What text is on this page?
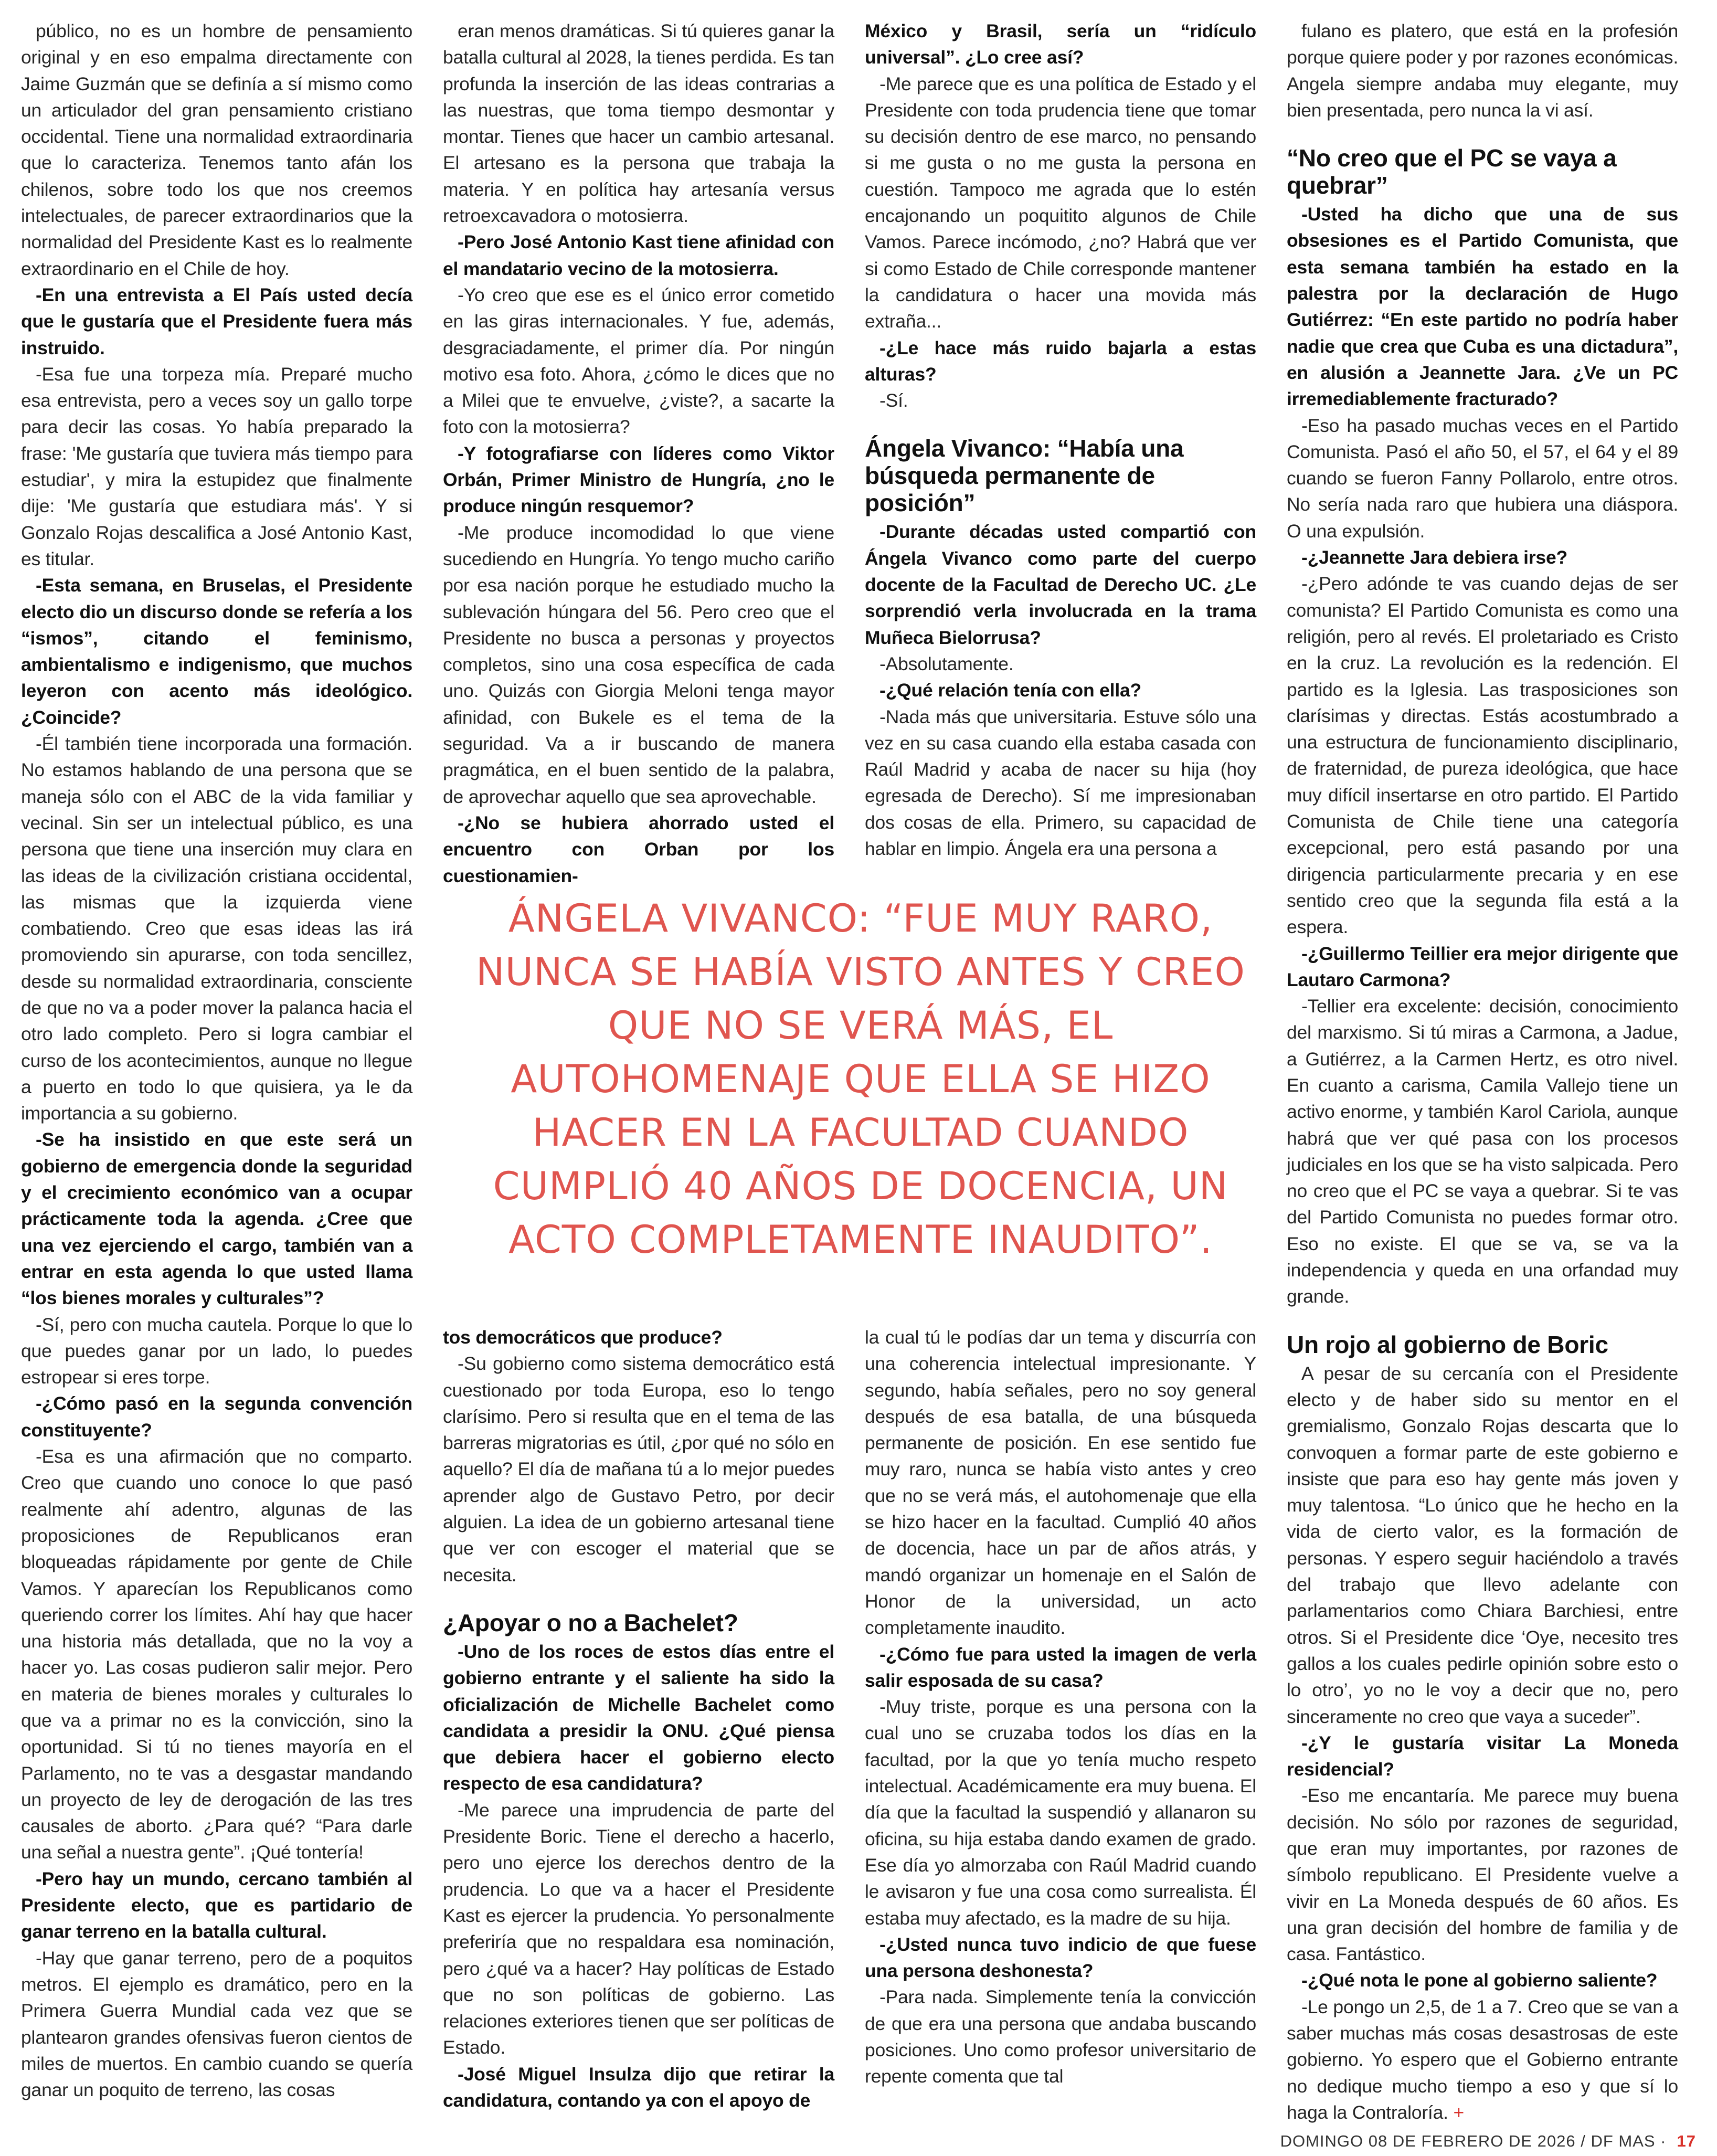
público, no es un hombre de pensamiento original y en eso empalma directamente con Jaime Guzmán que se definía a sí mismo como un articulador del gran pensamiento cristiano occidental. Tiene una normalidad extraordinaria que lo caracteriza. Tenemos tanto afán los chilenos, sobre todo los que nos creemos intelectuales, de parecer extraordinarios que la normalidad del Presidente Kast es lo realmente extraordinario en el Chile de hoy.

-En una entrevista a El País usted decía que le gustaría que el Presidente fuera más instruido.

-Esa fue una torpeza mía. Preparé mucho esa entrevista, pero a veces soy un gallo torpe para decir las cosas. Yo había preparado la frase: 'Me gustaría que tuviera más tiempo para estudiar', y mira la estupidez que finalmente dije: 'Me gustaría que estudiara más'. Y si Gonzalo Rojas descalifica a José Antonio Kast, es titular.

-Esta semana, en Bruselas, el Presidente electo dio un discurso donde se refería a los “ismos”, citando el feminismo, ambientalismo e indigenismo, que muchos leyeron con acento más ideológico. ¿Coincide?

-Él también tiene incorporada una formación. No estamos hablando de una persona que se maneja sólo con el ABC de la vida familiar y vecinal. Sin ser un intelectual público, es una persona que tiene una inserción muy clara en las ideas de la civilización cristiana occidental, las mismas que la izquierda viene combatiendo. Creo que esas ideas las irá promoviendo sin apurarse, con toda sencillez, desde su normalidad extraordinaria, consciente de que no va a poder mover la palanca hacia el otro lado completo. Pero si logra cambiar el curso de los acontecimientos, aunque no llegue a puerto en todo lo que quisiera, ya le da importancia a su gobierno.

-Se ha insistido en que este será un gobierno de emergencia donde la seguridad y el crecimiento económico van a ocupar prácticamente toda la agenda. ¿Cree que una vez ejerciendo el cargo, también van a entrar en esta agenda lo que usted llama “los bienes morales y culturales”?

-Sí, pero con mucha cautela. Porque lo que lo que puedes ganar por un lado, lo puedes estropear si eres torpe.

-¿Cómo pasó en la segunda convención constituyente?

-Esa es una afirmación que no comparto. Creo que cuando uno conoce lo que pasó realmente ahí adentro, algunas de las proposiciones de Republicanos eran bloqueadas rápidamente por gente de Chile Vamos. Y aparecían los Republicanos como queriendo correr los límites. Ahí hay que hacer una historia más detallada, que no la voy a hacer yo. Las cosas pudieron salir mejor. Pero en materia de bienes morales y culturales lo que va a primar no es la convicción, sino la oportunidad. Si tú no tienes mayoría en el Parlamento, no te vas a desgastar mandando un proyecto de ley de derogación de las tres causales de aborto. ¿Para qué? “Para darle una señal a nuestra gente”. ¡Qué tontería!

-Pero hay un mundo, cercano también al Presidente electo, que es partidario de ganar terreno en la batalla cultural.

-Hay que ganar terreno, pero de a poquitos metros. El ejemplo es dramático, pero en la Primera Guerra Mundial cada vez que se plantearon grandes ofensivas fueron cientos de miles de muertos. En cambio cuando se quería ganar un poquito de terreno, las cosas

eran menos dramáticas. Si tú quieres ganar la batalla cultural al 2028, la tienes perdida. Es tan profunda la inserción de las ideas contrarias a las nuestras, que toma tiempo desmontar y montar. Tienes que hacer un cambio artesanal. El artesano es la persona que trabaja la materia. Y en política hay artesanía versus retroexcavadora o motosierra.

-Pero José Antonio Kast tiene afinidad con el mandatario vecino de la motosierra.

-Yo creo que ese es el único error cometido en las giras internacionales. Y fue, además, desgraciadamente, el primer día. Por ningún motivo esa foto. Ahora, ¿cómo le dices que no a Milei que te envuelve, ¿viste?, a sacarte la foto con la motosierra?

-Y fotografiarse con líderes como Viktor Orbán, Primer Ministro de Hungría, ¿no le produce ningún resquemor?

-Me produce incomodidad lo que viene sucediendo en Hungría. Yo tengo mucho cariño por esa nación porque he estudiado mucho la sublevación húngara del 56. Pero creo que el Presidente no busca a personas y proyectos completos, sino una cosa específica de cada uno. Quizás con Giorgia Meloni tenga mayor afinidad, con Bukele es el tema de la seguridad. Va a ir buscando de manera pragmática, en el buen sentido de la palabra, de aprovechar aquello que sea aprovechable.

-¿No se hubiera ahorrado usted el encuentro con Orban por los cuestionamien-

México y Brasil, sería un “ridículo universal”. ¿Lo cree así?

-Me parece que es una política de Estado y el Presidente con toda prudencia tiene que tomar su decisión dentro de ese marco, no pensando si me gusta o no me gusta la persona en cuestión. Tampoco me agrada que lo estén encajonando un poquitito algunos de Chile Vamos. Parece incómodo, ¿no? Habrá que ver si como Estado de Chile corresponde mantener la candidatura o hacer una movida más extraña...

-¿Le hace más ruido bajarla a estas alturas?

-Sí.

Ángela Vivanco: “Había una búsqueda permanente de posición”

-Durante décadas usted compartió con Ángela Vivanco como parte del cuerpo docente de la Facultad de Derecho UC. ¿Le sorprendió verla involucrada en la trama Muñeca Bielorrusa?

-Absolutamente.

-¿Qué relación tenía con ella?

-Nada más que universitaria. Estuve sólo una vez en su casa cuando ella estaba casada con Raúl Madrid y acaba de nacer su hija (hoy egresada de Derecho). Sí me impresionaban dos cosas de ella. Primero, su capacidad de hablar en limpio. Ángela era una persona a

fulano es platero, que está en la profesión porque quiere poder y por razones económicas. Angela siempre andaba muy elegante, muy bien presentada, pero nunca la vi así.

“No creo que el PC se vaya a quebrar”

-Usted ha dicho que una de sus obsesiones es el Partido Comunista, que esta semana también ha estado en la palestra por la declaración de Hugo Gutiérrez: “En este partido no podría haber nadie que crea que Cuba es una dictadura”, en alusión a Jeannette Jara. ¿Ve un PC irremediablemente fracturado?

-Eso ha pasado muchas veces en el Partido Comunista. Pasó el año 50, el 57, el 64 y el 89 cuando se fueron Fanny Pollarolo, entre otros. No sería nada raro que hubiera una diáspora. O una expulsión.

-¿Jeannette Jara debiera irse?

-¿Pero adónde te vas cuando dejas de ser comunista? El Partido Comunista es como una religión, pero al revés. El proletariado es Cristo en la cruz. La revolución es la redención. El partido es la Iglesia. Las trasposiciones son clarísimas y directas. Estás acostumbrado a una estructura de funcionamiento disciplinario, de fraternidad, de pureza ideológica, que hace muy difícil insertarse en otro partido. El Partido Comunista de Chile tiene una categoría excepcional, pero está pasando por una dirigencia particularmente precaria y en ese sentido creo que la segunda fila está a la espera.

-¿Guillermo Teillier era mejor dirigente que Lautaro Carmona?

-Tellier era excelente: decisión, conocimiento del marxismo. Si tú miras a Carmona, a Jadue, a Gutiérrez, a la Carmen Hertz, es otro nivel. En cuanto a carisma, Camila Vallejo tiene un activo enorme, y también Karol Cariola, aunque habrá que ver qué pasa con los procesos judiciales en los que se ha visto salpicada. Pero no creo que el PC se vaya a quebrar. Si te vas del Partido Comunista no puedes formar otro. Eso no existe. El que se va, se va la independencia y queda en una orfandad muy grande.

Un rojo al gobierno de Boric

A pesar de su cercanía con el Presidente electo y de haber sido su mentor en el gremialismo, Gonzalo Rojas descarta que lo convoquen a formar parte de este gobierno e insiste que para eso hay gente más joven y muy talentosa. “Lo único que he hecho en la vida de cierto valor, es la formación de personas. Y espero seguir haciéndolo a través del trabajo que llevo adelante con parlamentarios como Chiara Barchiesi, entre otros. Si el Presidente dice ‘Oye, necesito tres gallos a los cuales pedirle opinión sobre esto o lo otro’, yo no le voy a decir que no, pero sinceramente no creo que vaya a suceder”.

-¿Y le gustaría visitar La Moneda residencial?

-Eso me encantaría. Me parece muy buena decisión. No sólo por razones de seguridad, que eran muy importantes, por razones de símbolo republicano. El Presidente vuelve a vivir en La Moneda después de 60 años. Es una gran decisión del hombre de familia y de casa. Fantástico.

-¿Qué nota le pone al gobierno saliente?

-Le pongo un 2,5, de 1 a 7. Creo que se van a saber muchas más cosas desastrosas de este gobierno. Yo espero que el Gobierno entrante no dedique mucho tiempo a eso y que sí lo haga la Contraloría. +

ÁNGELA VIVANCO: “FUE MUY RARO, NUNCA SE HABÍA VISTO ANTES Y CREO QUE NO SE VERÁ MÁS, EL AUTOHOMENAJE QUE ELLA SE HIZO HACER EN LA FACULTAD CUANDO CUMPLIÓ 40 AÑOS DE DOCENCIA, UN ACTO COMPLETAMENTE INAUDITO”.

tos democráticos que produce?

-Su gobierno como sistema democrático está cuestionado por toda Europa, eso lo tengo clarísimo. Pero si resulta que en el tema de las barreras migratorias es útil, ¿por qué no sólo en aquello? El día de mañana tú a lo mejor puedes aprender algo de Gustavo Petro, por decir alguien. La idea de un gobierno artesanal tiene que ver con escoger el material que se necesita.

¿Apoyar o no a Bachelet?

-Uno de los roces de estos días entre el gobierno entrante y el saliente ha sido la oficialización de Michelle Bachelet como candidata a presidir la ONU. ¿Qué piensa que debiera hacer el gobierno electo respecto de esa candidatura?

-Me parece una imprudencia de parte del Presidente Boric. Tiene el derecho a hacerlo, pero uno ejerce los derechos dentro de la prudencia. Lo que va a hacer el Presidente Kast es ejercer la prudencia. Yo personalmente preferiría que no respaldara esa nominación, pero ¿qué va a hacer? Hay políticas de Estado que no son políticas de gobierno. Las relaciones exteriores tienen que ser políticas de Estado.

-José Miguel Insulza dijo que retirar la candidatura, contando ya con el apoyo de

la cual tú le podías dar un tema y discurría con una coherencia intelectual impresionante. Y segundo, había señales, pero no soy general después de esa batalla, de una búsqueda permanente de posición. En ese sentido fue muy raro, nunca se había visto antes y creo que no se verá más, el autohomenaje que ella se hizo hacer en la facultad. Cumplió 40 años de docencia, hace un par de años atrás, y mandó organizar un homenaje en el Salón de Honor de la universidad, un acto completamente inaudito.

-¿Cómo fue para usted la imagen de verla salir esposada de su casa?

-Muy triste, porque es una persona con la cual uno se cruzaba todos los días en la facultad, por la que yo tenía mucho respeto intelectual. Académicamente era muy buena. El día que la facultad la suspendió y allanaron su oficina, su hija estaba dando examen de grado. Ese día yo almorzaba con Raúl Madrid cuando le avisaron y fue una cosa como surrealista. Él estaba muy afectado, es la madre de su hija.

-¿Usted nunca tuvo indicio de que fuese una persona deshonesta?

-Para nada. Simplemente tenía la convicción de que era una persona que andaba buscando posiciones. Uno como profesor universitario de repente comenta que tal

DOMINGO 08 DE FEBRERO DE 2026 / DF MAS · 17
